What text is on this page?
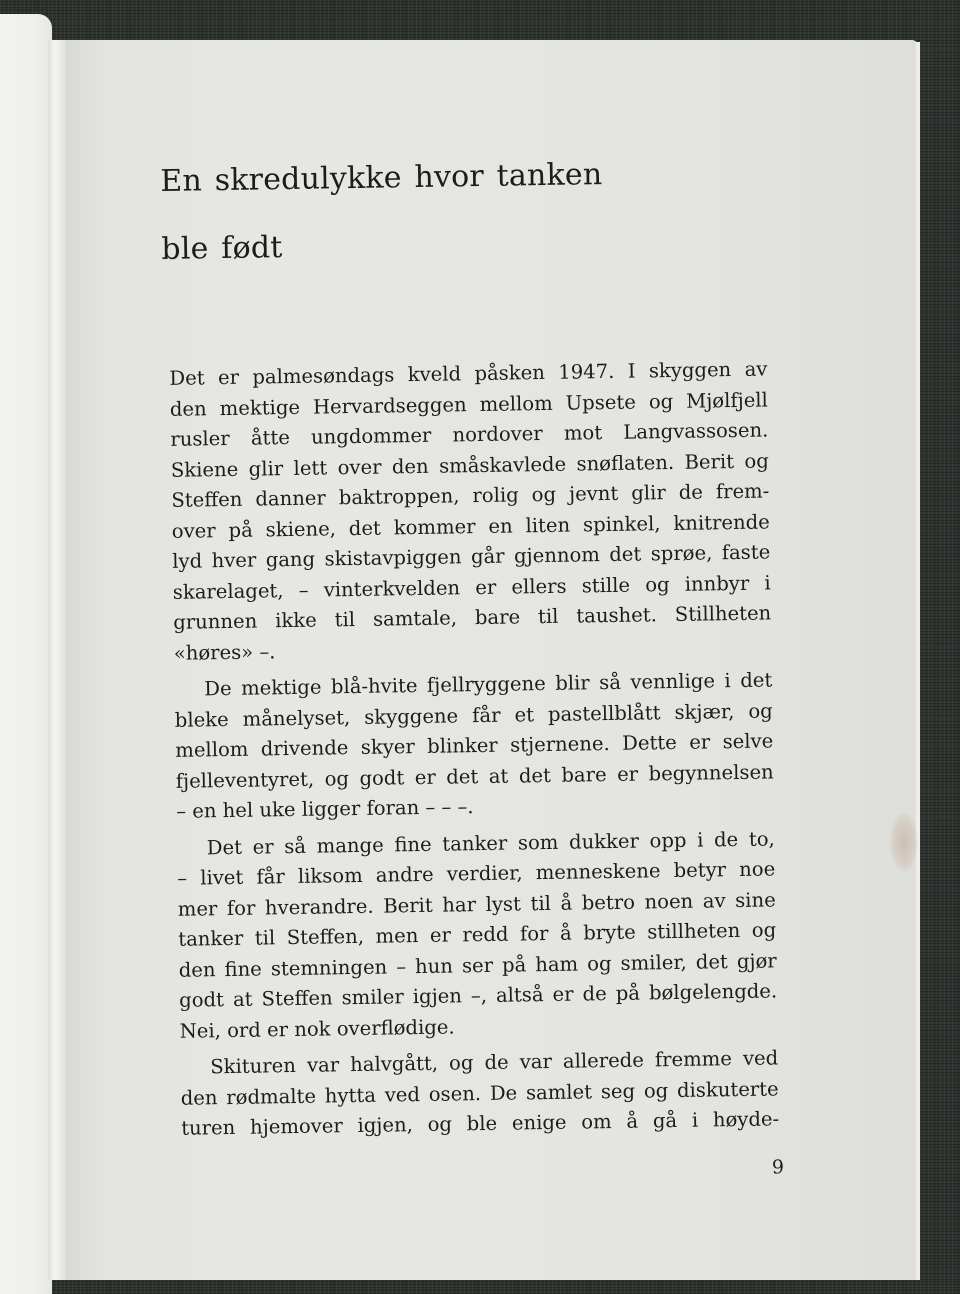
En skredulykke hvor tanken
ble født
Det er palmesøndags kveld påsken 1947. I skyggen av
den mektige Hervardseggen mellom Upsete og Mjølfjell
rusler åtte ungdommer nordover mot Langvassosen.
Skiene glir lett over den småskavlede snøflaten. Berit og
Steffen danner baktroppen, rolig og jevnt glir de frem-
over på skiene, det kommer en liten spinkel, knitrende
lyd hver gang skistavpiggen går gjennom det sprøe, faste
skarelaget, – vinterkvelden er ellers stille og innbyr i
grunnen ikke til samtale, bare til taushet. Stillheten
«høres» –.
De mektige blå-hvite fjellryggene blir så vennlige i det
bleke månelyset, skyggene får et pastellblått skjær, og
mellom drivende skyer blinker stjernene. Dette er selve
fjelleventyret, og godt er det at det bare er begynnelsen
– en hel uke ligger foran – – –.
Det er så mange fine tanker som dukker opp i de to,
– livet får liksom andre verdier, menneskene betyr noe
mer for hverandre. Berit har lyst til å betro noen av sine
tanker til Steffen, men er redd for å bryte stillheten og
den fine stemningen – hun ser på ham og smiler, det gjør
godt at Steffen smiler igjen –, altså er de på bølgelengde.
Nei, ord er nok overflødige.
Skituren var halvgått, og de var allerede fremme ved
den rødmalte hytta ved osen. De samlet seg og diskuterte
turen hjemover igjen, og ble enige om å gå i høyde-
9
